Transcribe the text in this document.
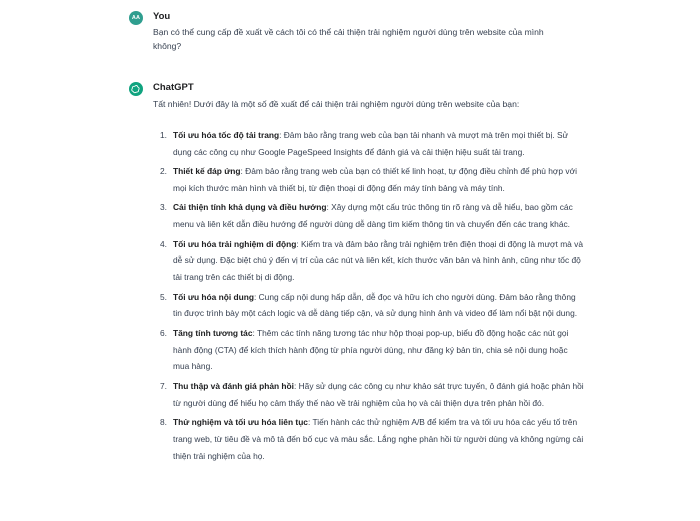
AA You
Bạn có thể cung cấp đề xuất về cách tôi có thể cải thiện trải nghiệm người dùng trên website của mình không?
ChatGPT
Tất nhiên! Dưới đây là một số đề xuất để cải thiện trải nghiệm người dùng trên website của bạn:
1. Tối ưu hóa tốc độ tải trang: Đảm bảo rằng trang web của bạn tải nhanh và mượt mà trên mọi thiết bị. Sử dụng các công cụ như Google PageSpeed Insights để đánh giá và cải thiện hiệu suất tải trang.
2. Thiết kế đáp ứng: Đảm bảo rằng trang web của bạn có thiết kế linh hoạt, tự động điều chỉnh để phù hợp với mọi kích thước màn hình và thiết bị, từ điện thoại di động đến máy tính bảng và máy tính.
3. Cải thiện tính khả dụng và điều hướng: Xây dựng một cấu trúc thông tin rõ ràng và dễ hiểu, bao gồm các menu và liên kết dẫn điều hướng để người dùng dễ dàng tìm kiếm thông tin và chuyển đến các trang khác.
4. Tối ưu hóa trải nghiệm di động: Kiểm tra và đảm bảo rằng trải nghiệm trên điện thoại di động là mượt mà và dễ sử dụng. Đặc biệt chú ý đến vị trí của các nút và liên kết, kích thước văn bản và hình ảnh, cũng như tốc độ tải trang trên các thiết bị di động.
5. Tối ưu hóa nội dung: Cung cấp nội dung hấp dẫn, dễ đọc và hữu ích cho người dùng. Đảm bảo rằng thông tin được trình bày một cách logic và dễ dàng tiếp cận, và sử dụng hình ảnh và video để làm nổi bật nội dung.
6. Tăng tính tương tác: Thêm các tính năng tương tác như hộp thoại pop-up, biểu đồ động hoặc các nút gọi hành động (CTA) để kích thích hành động từ phía người dùng, như đăng ký bản tin, chia sẻ nội dung hoặc mua hàng.
7. Thu thập và đánh giá phản hồi: Hãy sử dụng các công cụ như khảo sát trực tuyến, ô đánh giá hoặc phản hồi từ người dùng để hiểu họ cảm thấy thế nào về trải nghiệm của họ và cải thiện dựa trên phản hồi đó.
8. Thử nghiệm và tối ưu hóa liên tục: Tiến hành các thử nghiệm A/B để kiểm tra và tối ưu hóa các yếu tố trên trang web, từ tiêu đề và mô tả đến bố cục và màu sắc. Lắng nghe phản hồi từ người dùng và không ngừng cải thiện trải nghiệm của họ.
